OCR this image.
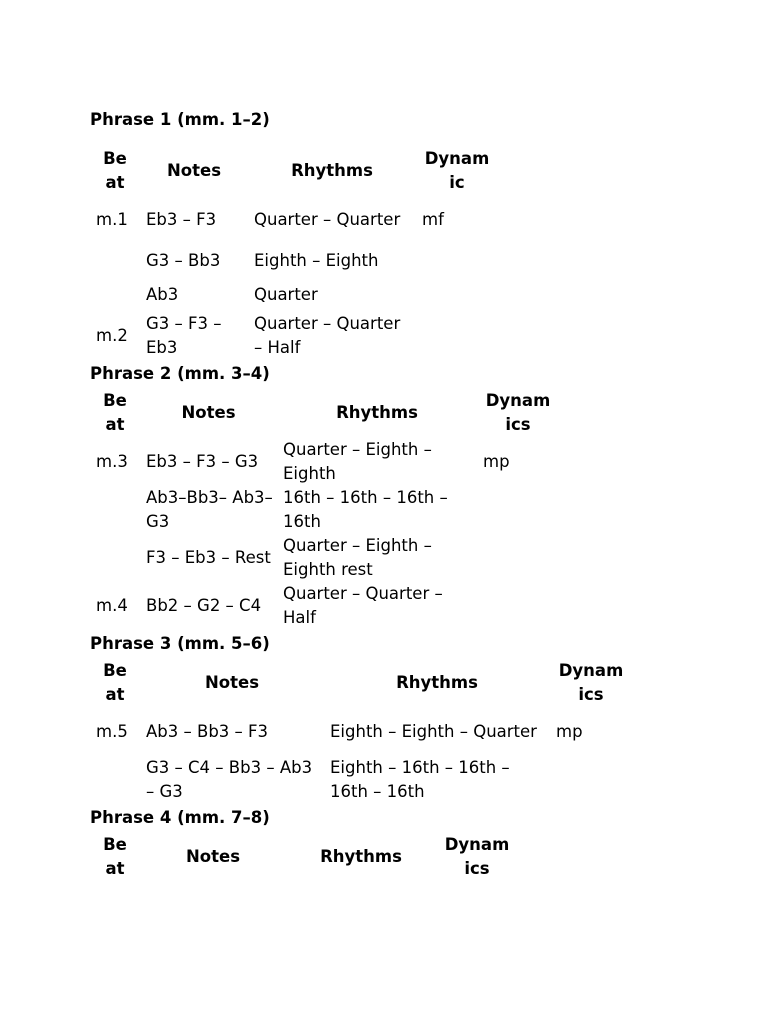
Phrase 1 (mm. 1–2)

Be at	Notes	Rhythms	Dynam ic
m.1	Eb3 – F3	Quarter – Quarter	mf
	G3 – Bb3	Eighth – Eighth	
	Ab3	Quarter	
m.2	G3 – F3 – Eb3	Quarter – Quarter – Half	

Phrase 2 (mm. 3–4)

Be at	Notes	Rhythms	Dynam ics
m.3	Eb3 – F3 – G3	Quarter – Eighth – Eighth	mp
	Ab3–Bb3– Ab3–G3	16th – 16th – 16th – 16th	
	F3 – Eb3 – Rest	Quarter – Eighth – Eighth rest	
m.4	Bb2 – G2 – C4	Quarter – Quarter – Half	

Phrase 3 (mm. 5–6)

Be at	Notes	Rhythms	Dynam ics
m.5	Ab3 – Bb3 – F3	Eighth – Eighth – Quarter	mp
	G3 – C4 – Bb3 – Ab3 – G3	Eighth – 16th – 16th – 16th – 16th	

Phrase 4 (mm. 7–8)

Be at	Notes	Rhythms	Dynam ics
